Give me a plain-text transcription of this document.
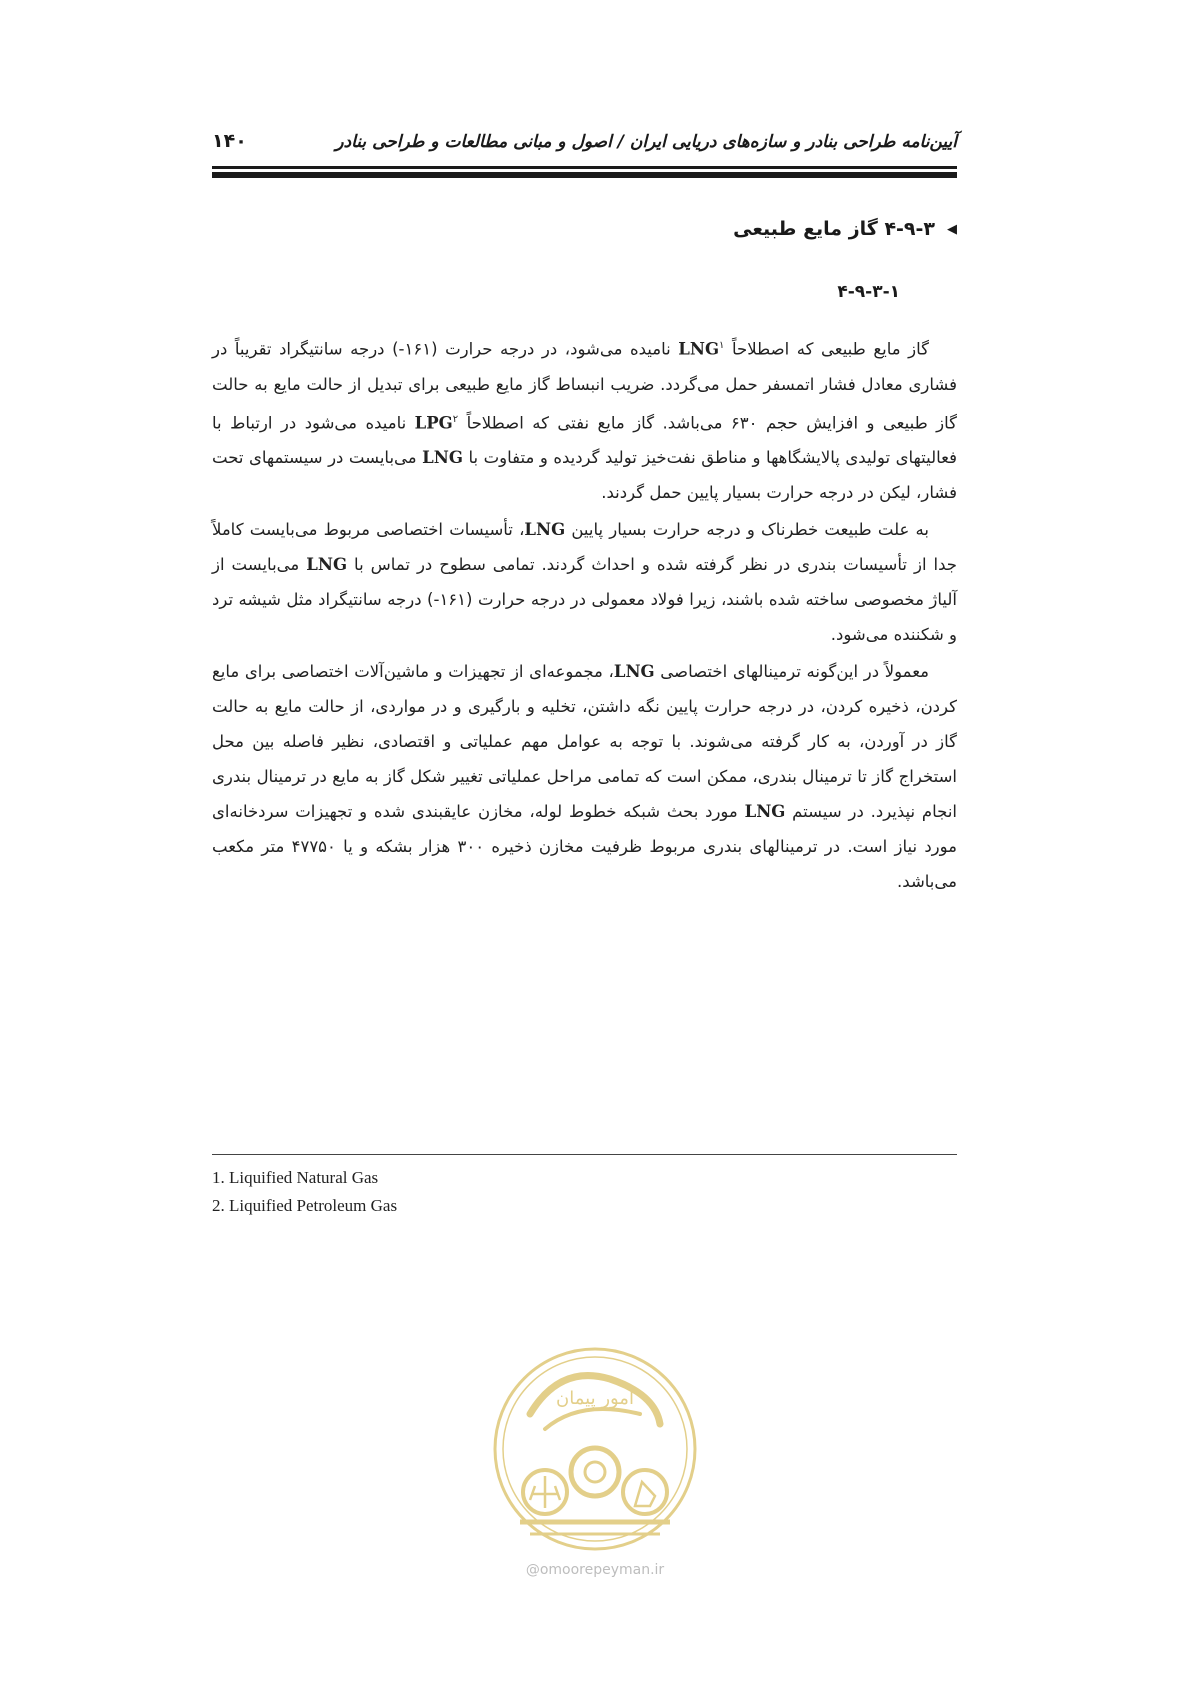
آیین‌نامه طراحی بنادر و سازه‌های دریایی ایران / اصول و مبانی مطالعات و طراحی بنادر
۱۴۰
◀۴-۹-۳ گاز مایع طبیعی
۴-۹-۳-۱

گاز مایع طبیعی که اصطلاحاً LNG$^۱$ نامیده می‌شود، در درجه حرارت (۱۶۱-) درجه سانتیگراد تقریباً در فشاری معادل فشار اتمسفر حمل می‌گردد. ضریب انبساط گاز مایع طبیعی برای تبدیل از حالت مایع به حالت گاز طبیعی و افزایش حجم ۶۳۰ می‌باشد. گاز مایع نفتی که اصطلاحاً LPG$^۲$ نامیده می‌شود در ارتباط با فعالیتهای تولیدی پالایشگاهها و مناطق نفت‌خیز تولید گردیده و متفاوت با LNG می‌بایست در سیستمهای تحت فشار، لیکن در درجه حرارت بسیار پایین حمل گردند.

به علت طبیعت خطرناک و درجه حرارت بسیار پایین LNG، تأسیسات اختصاصی مربوط می‌بایست کاملاً جدا از تأسیسات بندری در نظر گرفته شده و احداث گردند. تمامی سطوح در تماس با LNG می‌بایست از آلیاژ مخصوصی ساخته شده باشند، زیرا فولاد معمولی در درجه حرارت (۱۶۱-) درجه سانتیگراد مثل شیشه ترد و شکننده می‌شود.

معمولاً در این‌گونه ترمینالهای اختصاصی LNG، مجموعه‌ای از تجهیزات و ماشین‌آلات اختصاصی برای مایع کردن، ذخیره کردن، در درجه حرارت پایین نگه داشتن، تخلیه و بارگیری و در مواردی، از حالت مایع به حالت گاز در آوردن، به کار گرفته می‌شوند. با توجه به عوامل مهم عملیاتی و اقتصادی، نظیر فاصله بین محل استخراج گاز تا ترمینال بندری، ممکن است که تمامی مراحل عملیاتی تغییر شکل گاز به مایع در ترمینال بندری انجام نپذیرد. در سیستم LNG مورد بحث شبکه خطوط لوله، مخازن عایقبندی شده و تجهیزات سردخانه‌ای مورد نیاز است. در ترمینالهای بندری مربوط ظرفیت مخازن ذخیره ۳۰۰ هزار بشکه و یا ۴۷۷۵۰ متر مکعب می‌باشد.

1. Liquified Natural Gas
2. Liquified Petroleum Gas
امور پیمان
@omoorepeyman.ir
